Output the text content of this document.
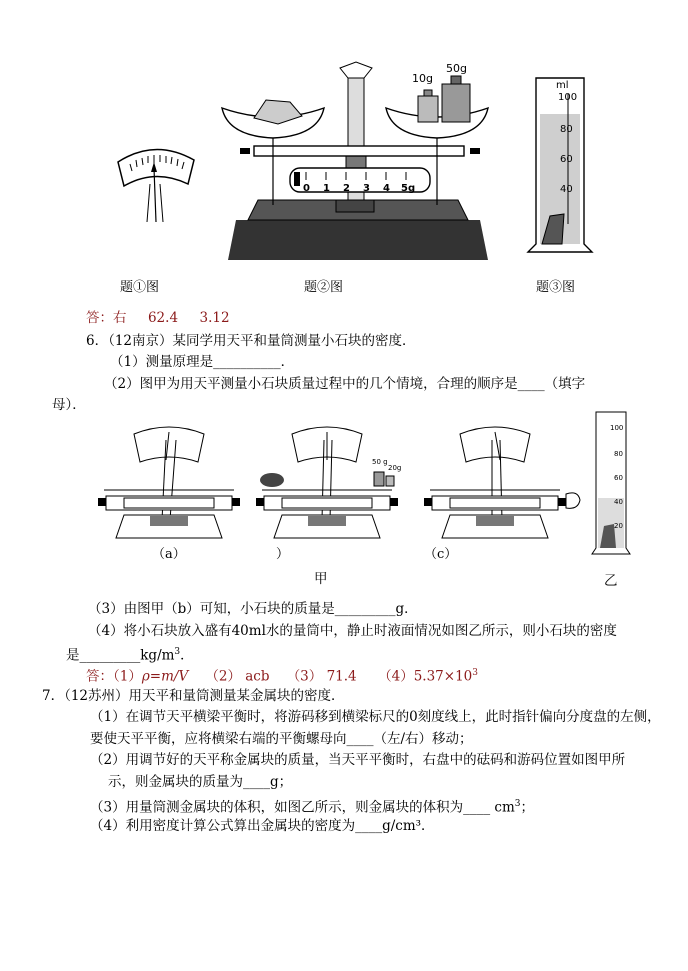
题①图
0 1 2 3 4 5g
10g
50g
题②图
ml
100
80
60
40
题③图
答：右 62.4 3.12
6．（12南京）某同学用天平和量筒测量小石块的密度．
（1）测量原理是__________．
（2）图甲为用天平测量小石块质量过程中的几个情境，合理的顺序是____（填字
母）．
（a）
50 g
20g
）	（c）
100
80
60
40
20
甲	乙
（3）由图甲（b）可知，小石块的质量是_________g．
（4）将小石块放入盛有40ml水的量筒中，静止时液面情况如图乙所示，则小石块的密度
是$\_\_\_\_\_\_\_\_\_kg/m^3$．
答：（1）ρ=m/V （2） acb （3） 71.4 $(4)5.37\times 10^3$
7．（12苏州）用天平和量筒测量某金属块的密度．
（1）在调节天平横梁平衡时，将游码移到横梁标尺的0刻度线上，此时指针偏向分度盘的左侧，
要使天平平衡，应将横梁右端的平衡螺母向____（左/右）移动；
（2）用调节好的天平称金属块的质量，当天平平衡时，右盘中的砝码和游码位置如图甲所
示，则金属块的质量为____g；
（3）用量筒测金属块的体积，如图乙所示，则金属块的体积为____ $cm^3$；
（4）利用密度计算公式算出金属块的密度为____g/cm³．
